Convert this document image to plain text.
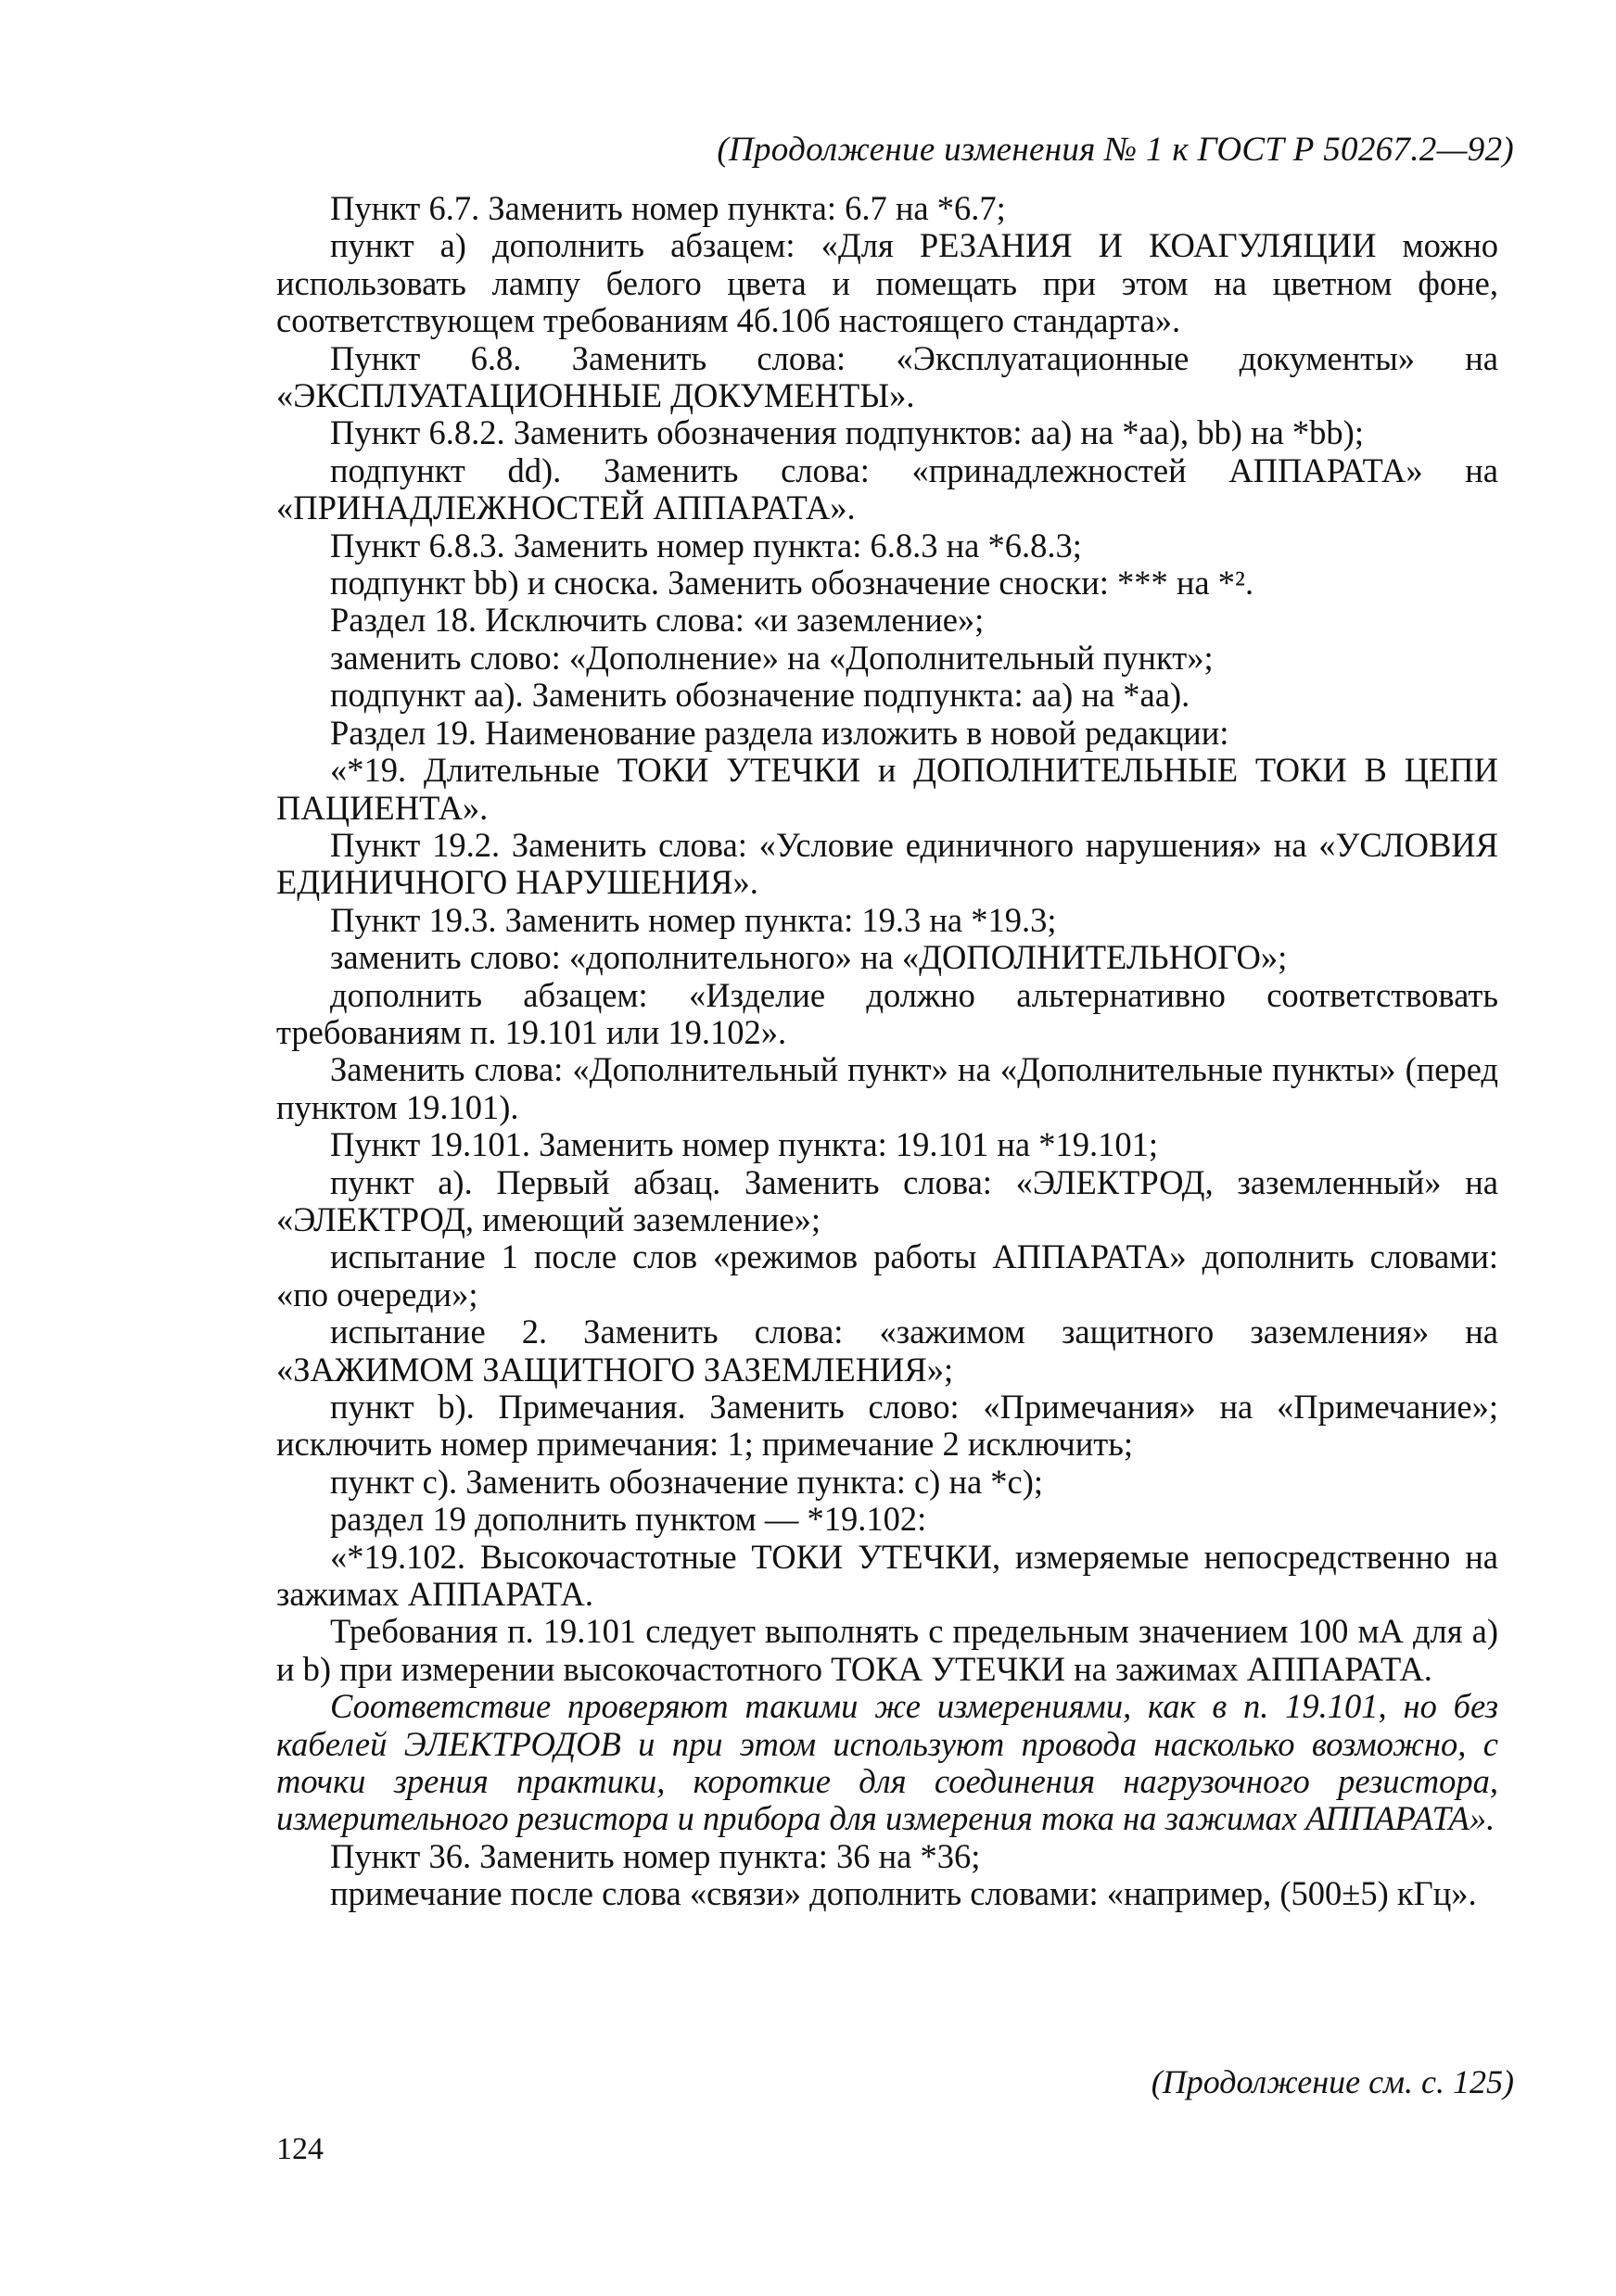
(Продолжение изменения № 1 к ГОСТ Р 50267.2—92)

Пункт 6.7. Заменить номер пункта: 6.7 на *6.7;

пункт а) дополнить абзацем: «Для РЕЗАНИЯ И КОАГУЛЯЦИИ можно использовать лампу белого цвета и помещать при этом на цветном фоне, соответствующем требованиям 4б.10б настоящего стандарта».

Пункт 6.8. Заменить слова: «Эксплуатационные документы» на «ЭКСПЛУАТАЦИОННЫЕ ДОКУМЕНТЫ».

Пункт 6.8.2. Заменить обозначения подпунктов: аа) на *аа), bb) на *bb);

подпункт dd). Заменить слова: «принадлежностей АППАРАТА» на «ПРИНАДЛЕЖНОСТЕЙ АППАРАТА».

Пункт 6.8.3. Заменить номер пункта: 6.8.3 на *6.8.3;

подпункт bb) и сноска. Заменить обозначение сноски: *** на *².

Раздел 18. Исключить слова: «и заземление»;

заменить слово: «Дополнение» на «Дополнительный пункт»;

подпункт аа). Заменить обозначение подпункта: аа) на *аа).

Раздел 19. Наименование раздела изложить в новой редакции:

«*19. Длительные ТОКИ УТЕЧКИ и ДОПОЛНИТЕЛЬНЫЕ ТОКИ В ЦЕПИ ПАЦИЕНТА».

Пункт 19.2. Заменить слова: «Условие единичного нарушения» на «УСЛОВИЯ ЕДИНИЧНОГО НАРУШЕНИЯ».

Пункт 19.3. Заменить номер пункта: 19.3 на *19.3;

заменить слово: «дополнительного» на «ДОПОЛНИТЕЛЬНОГО»;

дополнить абзацем: «Изделие должно альтернативно соответствовать требованиям п. 19.101 или 19.102».

Заменить слова: «Дополнительный пункт» на «Дополнительные пункты» (перед пунктом 19.101).

Пункт 19.101. Заменить номер пункта: 19.101 на *19.101;

пункт а). Первый абзац. Заменить слова: «ЭЛЕКТРОД, заземленный» на «ЭЛЕКТРОД, имеющий заземление»;

испытание 1 после слов «режимов работы АППАРАТА» дополнить словами: «по очереди»;

испытание 2. Заменить слова: «зажимом защитного заземления» на «ЗАЖИМОМ ЗАЩИТНОГО ЗАЗЕМЛЕНИЯ»;

пункт b). Примечания. Заменить слово: «Примечания» на «Примечание»; исключить номер примечания: 1; примечание 2 исключить;

пункт с). Заменить обозначение пункта: с) на *с);

раздел 19 дополнить пунктом — *19.102:

«*19.102. Высокочастотные ТОКИ УТЕЧКИ, измеряемые непосредственно на зажимах АППАРАТА.

Требования п. 19.101 следует выполнять с предельным значением 100 мА для а) и b) при измерении высокочастотного ТОКА УТЕЧКИ на зажимах АППАРАТА.

Соответствие проверяют такими же измерениями, как в п. 19.101, но без кабелей ЭЛЕКТРОДОВ и при этом используют провода насколько возможно, с точки зрения практики, короткие для соединения нагрузочного резистора, измерительного резистора и прибора для измерения тока на зажимах АППАРАТА».

Пункт 36. Заменить номер пункта: 36 на *36;

примечание после слова «связи» дополнить словами: «например, (500±5) кГц».

(Продолжение см. с. 125)
124
